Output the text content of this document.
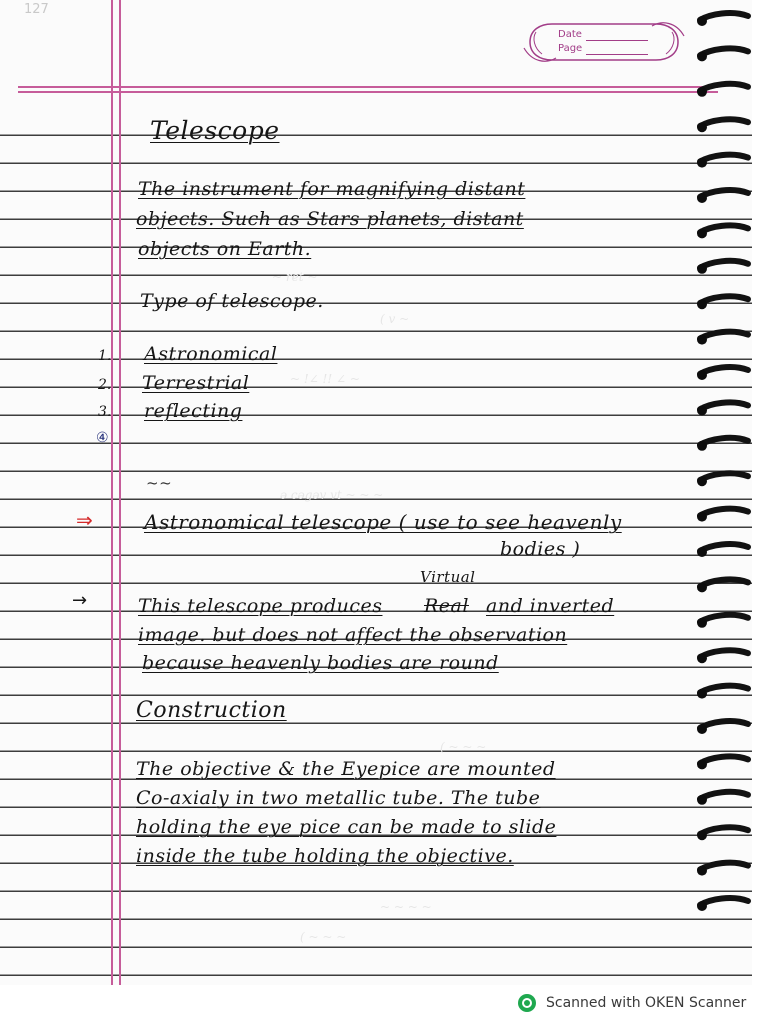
127
Date
Page
~ ret ~
( v ~
~ !∠ !! ∠ ~
ə cəgəv vt ~ ~ ~
( ~ ~ ~
~ ~ ~ ~
( ~ ~ ~
Telescope
The instrument for magnifying distant
objects. Such as Stars planets, distant
objects on Earth.
Type of telescope.
1. Astronomical
2. Terrestrial
3. reflecting
④
~~
⇒	Astronomical telescope ( use to see heavenly
bodies )
Virtual
→	This telescope produces Real and inverted
image. but does not affect the observation
because heavenly bodies are round
Construction
The objective & the Eyepice are mounted
Co-axialy in two metallic tube. The tube
holding the eye pice can be made to slide
inside the tube holding the objective.
Scanned with OKEN Scanner
